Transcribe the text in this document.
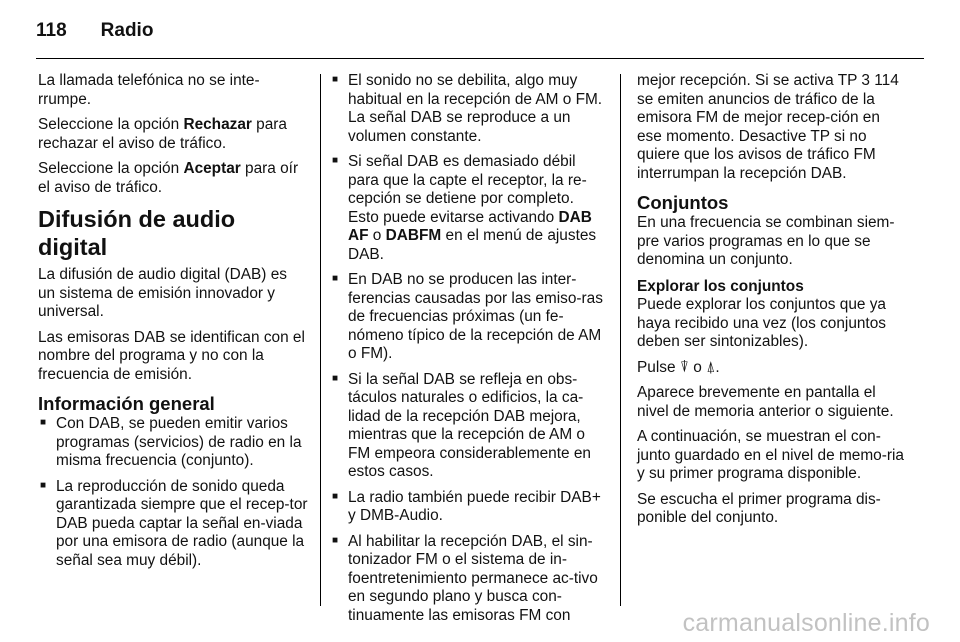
118 Radio

La llamada telefónica no se inte-rrumpe.

Seleccione la opción Rechazar para rechazar el aviso de tráfico.

Seleccione la opción Aceptar para oír el aviso de tráfico.

Difusión de audio digital

La difusión de audio digital (DAB) es un sistema de emisión innovador y universal.

Las emisoras DAB se identifican con el nombre del programa y no con la frecuencia de emisión.

Información general
■ Con DAB, se pueden emitir varios programas (servicios) de radio en la misma frecuencia (conjunto).
■ La reproducción de sonido queda garantizada siempre que el recep-tor DAB pueda captar la señal en-viada por una emisora de radio (aunque la señal sea muy débil).
■ El sonido no se debilita, algo muy habitual en la recepción de AM o FM. La señal DAB se reproduce a un volumen constante.
■ Si señal DAB es demasiado débil para que la capte el receptor, la re-cepción se detiene por completo. Esto puede evitarse activando DAB AF o DABFM en el menú de ajustes DAB.
■ En DAB no se producen las inter-ferencias causadas por las emiso-ras de frecuencias próximas (un fe-nómeno típico de la recepción de AM o FM).
■ Si la señal DAB se refleja en obs-táculos naturales o edificios, la ca-lidad de la recepción DAB mejora, mientras que la recepción de AM o FM empeora considerablemente en estos casos.
■ La radio también puede recibir DAB+ y DMB-Audio.
■ Al habilitar la recepción DAB, el sin-tonizador FM o el sistema de in-foentretenimiento permanece ac-tivo en segundo plano y busca con-tinuamente las emisoras FM con

mejor recepción. Si se activa TP 3 114 se emiten anuncios de tráfico de la emisora FM de mejor recep-ción en ese momento. Desactive TP si no quiere que los avisos de tráfico FM interrumpan la recepción DAB.

Conjuntos

En una frecuencia se combinan siem-pre varios programas en lo que se denomina un conjunto.

Explorar los conjuntos

Puede explorar los conjuntos que ya haya recibido una vez (los conjuntos deben ser sintonizables).

Pulse ⍒ o ⍋.

Aparece brevemente en pantalla el nivel de memoria anterior o siguiente.

A continuación, se muestran el con-junto guardado en el nivel de memo-ria y su primer programa disponible.

Se escucha el primer programa dis-ponible del conjunto.

carmanualsonline.info
